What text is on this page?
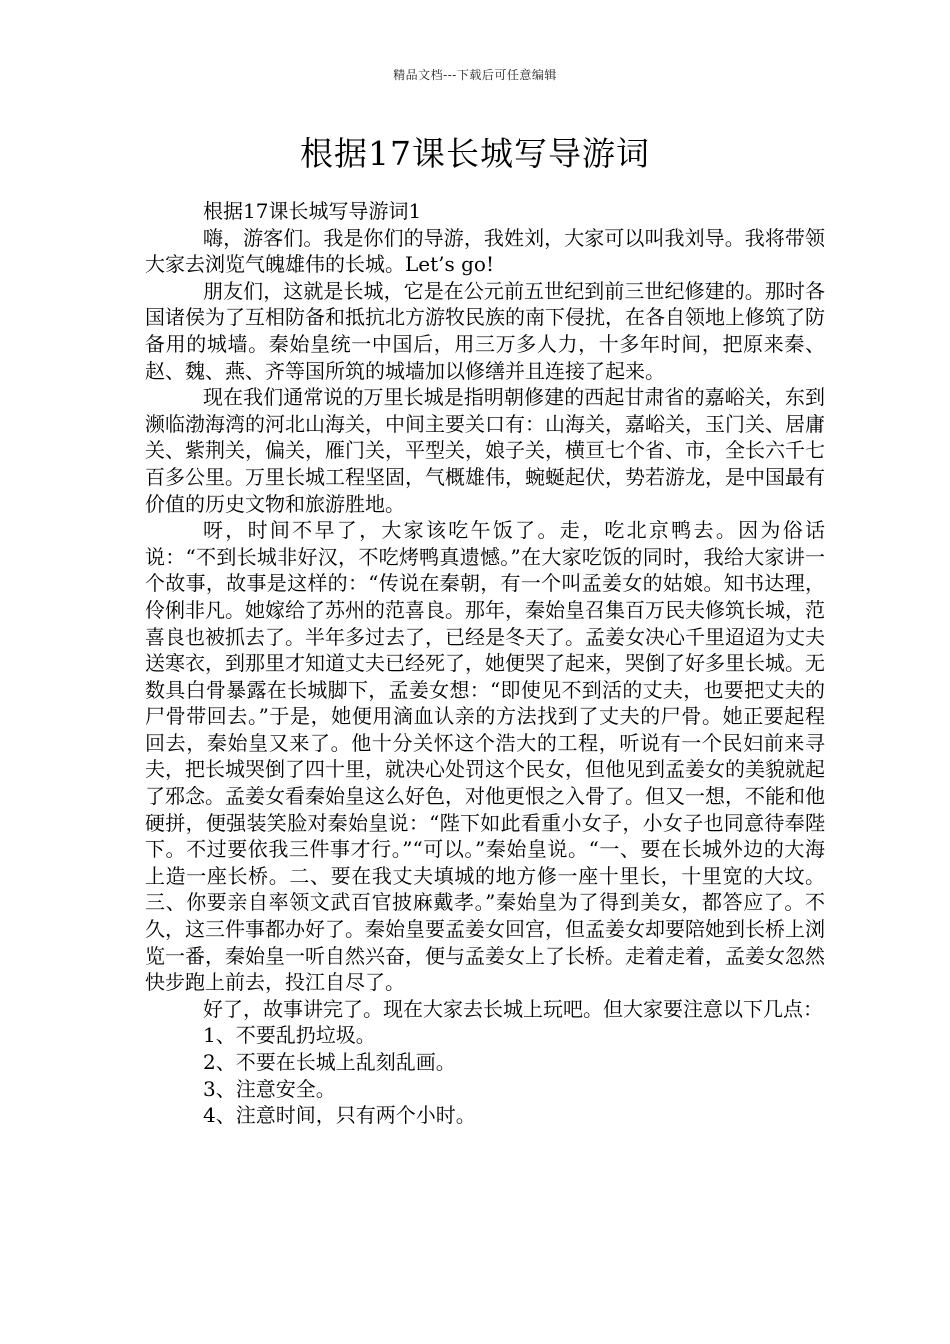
精品文档---下载后可任意编辑
根据17课长城写导游词

根据17课长城写导游词1

嗨，游客们。我是你们的导游，我姓刘，大家可以叫我刘导。我将带领大家去浏览气魄雄伟的长城。Let’s go!

朋友们，这就是长城，它是在公元前五世纪到前三世纪修建的。那时各国诸侯为了互相防备和抵抗北方游牧民族的南下侵扰，在各自领地上修筑了防备用的城墙。秦始皇统一中国后，用三万多人力，十多年时间，把原来秦、赵、魏、燕、齐等国所筑的城墙加以修缮并且连接了起来。

现在我们通常说的万里长城是指明朝修建的西起甘肃省的嘉峪关，东到濒临渤海湾的河北山海关，中间主要关口有：山海关，嘉峪关，玉门关、居庸关、紫荆关，偏关，雁门关，平型关，娘子关，横亘七个省、市，全长六千七百多公里。万里长城工程坚固，气概雄伟，蜿蜒起伏，势若游龙，是中国最有价值的历史文物和旅游胜地。

呀，时间不早了，大家该吃午饭了。走，吃北京鸭去。因为俗话说：“不到长城非好汉，不吃烤鸭真遗憾。”在大家吃饭的同时，我给大家讲一个故事，故事是这样的：“传说在秦朝，有一个叫孟姜女的姑娘。知书达理，伶俐非凡。她嫁给了苏州的范喜良。那年，秦始皇召集百万民夫修筑长城，范喜良也被抓去了。半年多过去了，已经是冬天了。孟姜女决心千里迢迢为丈夫送寒衣，到那里才知道丈夫已经死了，她便哭了起来，哭倒了好多里长城。无数具白骨暴露在长城脚下，孟姜女想：“即使见不到活的丈夫，也要把丈夫的尸骨带回去。”于是，她便用滴血认亲的方法找到了丈夫的尸骨。她正要起程回去，秦始皇又来了。他十分关怀这个浩大的工程，听说有一个民妇前来寻夫，把长城哭倒了四十里，就决心处罚这个民女，但他见到孟姜女的美貌就起了邪念。孟姜女看秦始皇这么好色，对他更恨之入骨了。但又一想，不能和他硬拼，便强装笑脸对秦始皇说：“陛下如此看重小女子，小女子也同意待奉陛下。不过要依我三件事才行。”“可以。”秦始皇说。“一、要在长城外边的大海上造一座长桥。二、要在我丈夫填城的地方修一座十里长，十里宽的大坟。三、你要亲自率领文武百官披麻戴孝。”秦始皇为了得到美女，都答应了。不久，这三件事都办好了。秦始皇要孟姜女回宫，但孟姜女却要陪她到长桥上浏览一番，秦始皇一听自然兴奋，便与孟姜女上了长桥。走着走着，孟姜女忽然快步跑上前去，投江自尽了。

好了，故事讲完了。现在大家去长城上玩吧。但大家要注意以下几点：

1、不要乱扔垃圾。

2、不要在长城上乱刻乱画。

3、注意安全。

4、注意时间，只有两个小时。
